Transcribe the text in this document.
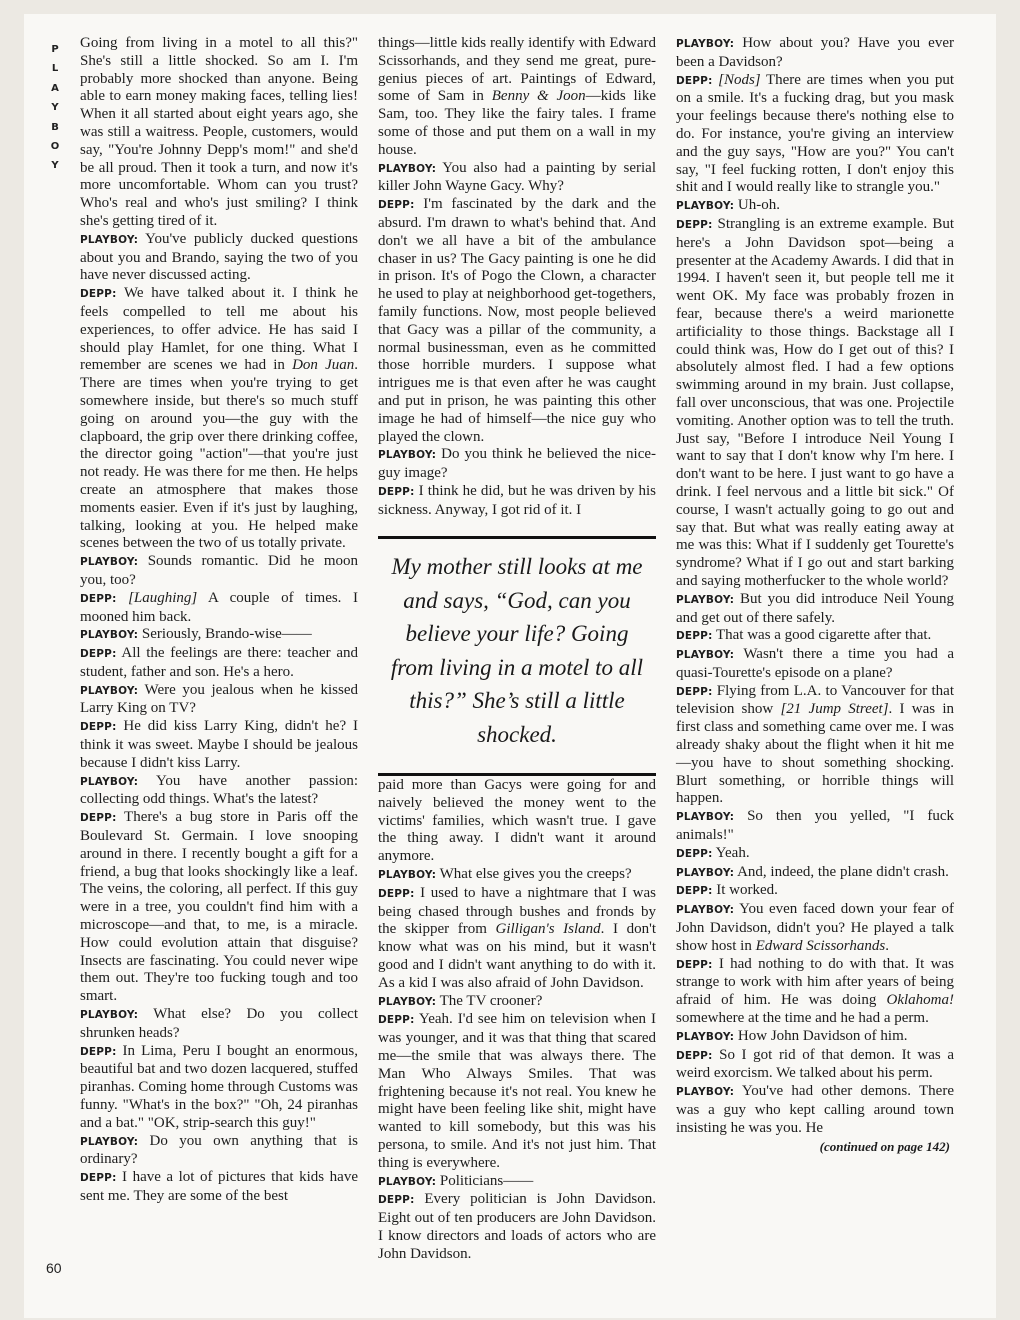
P
L
A
Y
B
O
Y

Going from living in a motel to all this?" She's still a little shocked. So am I. I'm probably more shocked than anyone. Being able to earn money making faces, telling lies! When it all started about eight years ago, she was still a waitress. People, customers, would say, "You're Johnny Depp's mom!" and she'd be all proud. Then it took a turn, and now it's more uncomfortable. Whom can you trust? Who's real and who's just smiling? I think she's getting tired of it.

PLAYBOY: You've publicly ducked questions about you and Brando, saying the two of you have never discussed acting.

DEPP: We have talked about it. I think he feels compelled to tell me about his experiences, to offer advice. He has said I should play Hamlet, for one thing. What I remember are scenes we had in Don Juan. There are times when you're trying to get somewhere inside, but there's so much stuff going on around you—the guy with the clapboard, the grip over there drinking coffee, the director going "action"—that you're just not ready. He was there for me then. He helps create an atmosphere that makes those moments easier. Even if it's just by laughing, talking, looking at you. He helped make scenes between the two of us totally private.

PLAYBOY: Sounds romantic. Did he moon you, too?

DEPP: [Laughing] A couple of times. I mooned him back.

PLAYBOY: Seriously, Brando-wise——

DEPP: All the feelings are there: teacher and student, father and son. He's a hero.

PLAYBOY: Were you jealous when he kissed Larry King on TV?

DEPP: He did kiss Larry King, didn't he? I think it was sweet. Maybe I should be jealous because I didn't kiss Larry.

PLAYBOY: You have another passion: collecting odd things. What's the latest?

DEPP: There's a bug store in Paris off the Boulevard St. Germain. I love snooping around in there. I recently bought a gift for a friend, a bug that looks shockingly like a leaf. The veins, the coloring, all perfect. If this guy were in a tree, you couldn't find him with a microscope—and that, to me, is a miracle. How could evolution attain that disguise? Insects are fascinating. You could never wipe them out. They're too fucking tough and too smart.

PLAYBOY: What else? Do you collect shrunken heads?

DEPP: In Lima, Peru I bought an enormous, beautiful bat and two dozen lacquered, stuffed piranhas. Coming home through Customs was funny. "What's in the box?" "Oh, 24 piranhas and a bat." "OK, strip-search this guy!"

PLAYBOY: Do you own anything that is ordinary?

DEPP: I have a lot of pictures that kids have sent me. They are some of the best

things—little kids really identify with Edward Scissorhands, and they send me great, pure-genius pieces of art. Paintings of Edward, some of Sam in Benny & Joon—kids like Sam, too. They like the fairy tales. I frame some of those and put them on a wall in my house.

PLAYBOY: You also had a painting by serial killer John Wayne Gacy. Why?

DEPP: I'm fascinated by the dark and the absurd. I'm drawn to what's behind that. And don't we all have a bit of the ambulance chaser in us? The Gacy painting is one he did in prison. It's of Pogo the Clown, a character he used to play at neighborhood get-togethers, family functions. Now, most people believed that Gacy was a pillar of the community, a normal businessman, even as he committed those horrible murders. I suppose what intrigues me is that even after he was caught and put in prison, he was painting this other image he had of himself—the nice guy who played the clown.

PLAYBOY: Do you think he believed the nice-guy image?

DEPP: I think he did, but he was driven by his sickness. Anyway, I got rid of it. I

My mother still looks at me and says, “God, can you believe your life? Going from living in a motel to all this?” She’s still a little shocked.

paid more than Gacys were going for and naively believed the money went to the victims' families, which wasn't true. I gave the thing away. I didn't want it around anymore.

PLAYBOY: What else gives you the creeps?

DEPP: I used to have a nightmare that I was being chased through bushes and fronds by the skipper from Gilligan's Island. I don't know what was on his mind, but it wasn't good and I didn't want anything to do with it. As a kid I was also afraid of John Davidson.

PLAYBOY: The TV crooner?

DEPP: Yeah. I'd see him on television when I was younger, and it was that thing that scared me—the smile that was always there. The Man Who Always Smiles. That was frightening because it's not real. You knew he might have been feeling like shit, might have wanted to kill somebody, but this was his persona, to smile. And it's not just him. That thing is everywhere.

PLAYBOY: Politicians——

DEPP: Every politician is John Davidson. Eight out of ten producers are John Davidson. I know directors and loads of actors who are John Davidson.

PLAYBOY: How about you? Have you ever been a Davidson?

DEPP: [Nods] There are times when you put on a smile. It's a fucking drag, but you mask your feelings because there's nothing else to do. For instance, you're giving an interview and the guy says, "How are you?" You can't say, "I feel fucking rotten, I don't enjoy this shit and I would really like to strangle you."

PLAYBOY: Uh-oh.

DEPP: Strangling is an extreme example. But here's a John Davidson spot—being a presenter at the Academy Awards. I did that in 1994. I haven't seen it, but people tell me it went OK. My face was probably frozen in fear, because there's a weird marionette artificiality to those things. Backstage all I could think was, How do I get out of this? I absolutely almost fled. I had a few options swimming around in my brain. Just collapse, fall over unconscious, that was one. Projectile vomiting. Another option was to tell the truth. Just say, "Before I introduce Neil Young I want to say that I don't know why I'm here. I don't want to be here. I just want to go have a drink. I feel nervous and a little bit sick." Of course, I wasn't actually going to go out and say that. But what was really eating away at me was this: What if I suddenly get Tourette's syndrome? What if I go out and start barking and saying motherfucker to the whole world?

PLAYBOY: But you did introduce Neil Young and get out of there safely.

DEPP: That was a good cigarette after that.

PLAYBOY: Wasn't there a time you had a quasi-Tourette's episode on a plane?

DEPP: Flying from L.A. to Vancouver for that television show [21 Jump Street]. I was in first class and something came over me. I was already shaky about the flight when it hit me—you have to shout something shocking. Blurt something, or horrible things will happen.

PLAYBOY: So then you yelled, "I fuck animals!"

DEPP: Yeah.

PLAYBOY: And, indeed, the plane didn't crash.

DEPP: It worked.

PLAYBOY: You even faced down your fear of John Davidson, didn't you? He played a talk show host in Edward Scissorhands.

DEPP: I had nothing to do with that. It was strange to work with him after years of being afraid of him. He was doing Oklahoma! somewhere at the time and he had a perm.

PLAYBOY: How John Davidson of him.

DEPP: So I got rid of that demon. It was a weird exorcism. We talked about his perm.

PLAYBOY: You've had other demons. There was a guy who kept calling around town insisting he was you. He

(continued on page 142)
60
